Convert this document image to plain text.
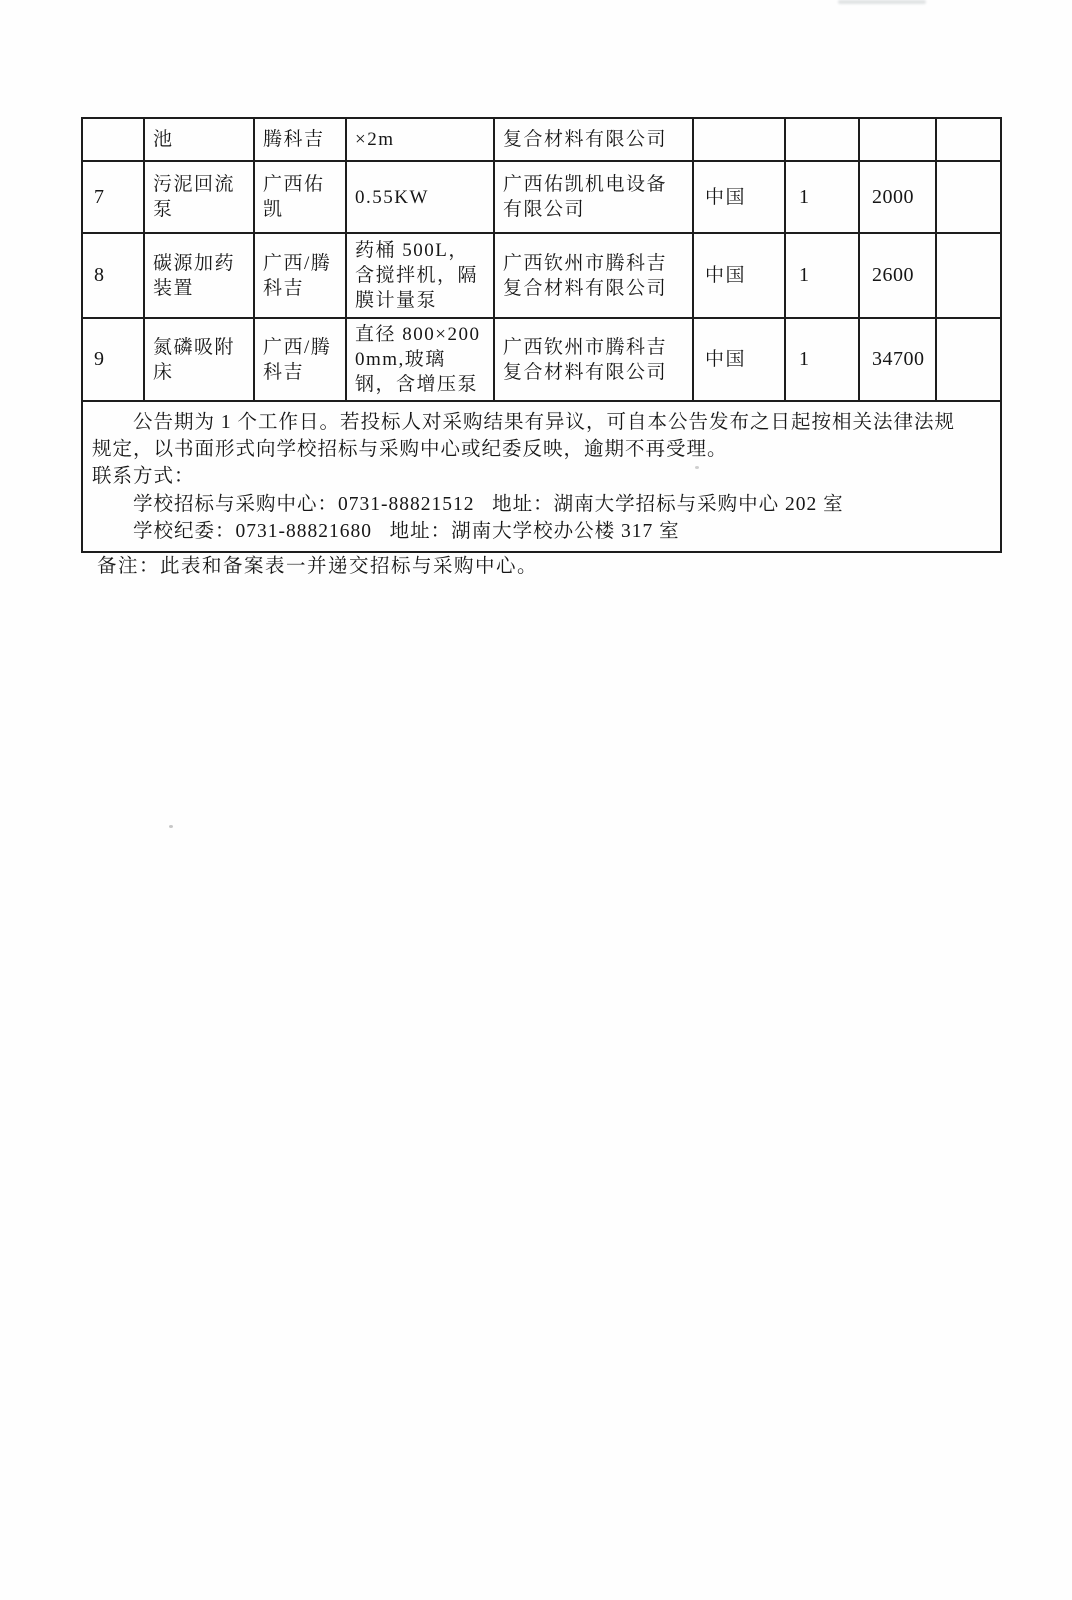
	池	腾科吉	×2m	复合材料有限公司				
7	污泥回流泵	广西佑凯	0.55KW	广西佑凯机电设备有限公司	中国	1	2000	
8	碳源加药装置	广西/腾科吉	药桶 500L，含搅拌机，隔膜计量泵	广西钦州市腾科吉复合材料有限公司	中国	1	2600	
9	氮磷吸附床	广西/腾科吉	直径 800×2000mm,玻璃钢，含增压泵	广西钦州市腾科吉复合材料有限公司	中国	1	34700	

公告期为 1 个工作日。若投标人对采购结果有异议，可自本公告发布之日起按相关法律法规
规定，以书面形式向学校招标与采购中心或纪委反映，逾期不再受理。
联系方式：
学校招标与采购中心：0731-88821512   地址：湖南大学招标与采购中心 202 室
学校纪委：0731-88821680   地址：湖南大学校办公楼 317 室								
备注：此表和备案表一并递交招标与采购中心。
